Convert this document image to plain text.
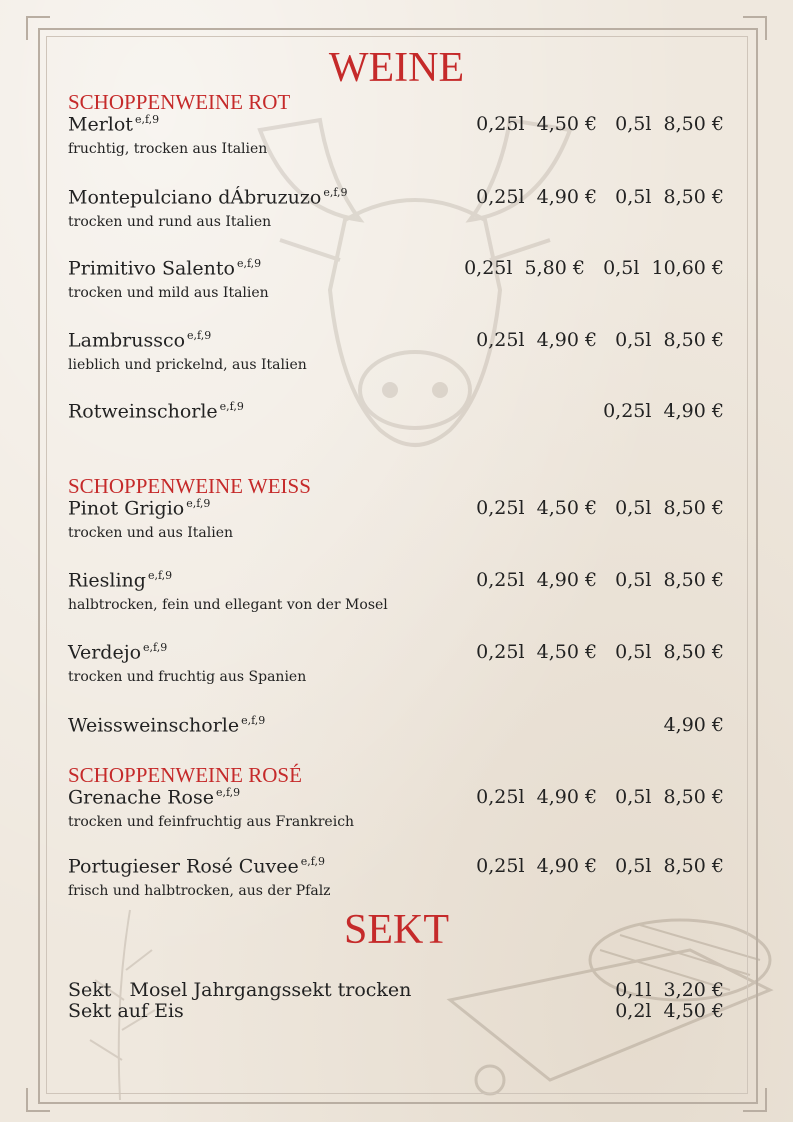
WEINE
SCHOPPENWEINE ROT
Merlot $^{e,f,9}$	0,25l  4,50 €   0,5l  8,50 €
fruchtig, trocken aus Italien
Montepulciano dÁbruzuzo $^{e,f,9}$	0,25l  4,90 €   0,5l  8,50 €
trocken und rund aus Italien
Primitivo Salento $^{e,f,9}$	0,25l  5,80 €   0,5l  10,60 €
trocken und mild aus Italien
Lambrussco $^{e,f,9}$	0,25l  4,90 €   0,5l  8,50 €
lieblich und prickelnd, aus Italien
Rotweinschorle $^{e,f,9}$	0,25l  4,90 €
SCHOPPENWEINE WEISS
Pinot Grigio $^{e,f,9}$	0,25l  4,50 €   0,5l  8,50 €
trocken und aus Italien
Riesling $^{e,f,9}$	0,25l  4,90 €   0,5l  8,50 €
halbtrocken, fein und ellegant von der Mosel
Verdejo $^{e,f,9}$	0,25l  4,50 €   0,5l  8,50 €
trocken und fruchtig aus Spanien
Weissweinschorle $^{e,f,9}$	4,90 €
SCHOPPENWEINE ROSÉ
Grenache Rose $^{e,f,9}$	0,25l  4,90 €   0,5l  8,50 €
trocken und feinfruchtig aus Frankreich
Portugieser Rosé Cuvee $^{e,f,9}$	0,25l  4,90 €   0,5l  8,50 €
frisch und halbtrocken, aus der Pfalz
SEKT
Sekt   Mosel Jahrgangssekt trocken	0,1l  3,20 €
Sekt auf Eis	0,2l  4,50 €
